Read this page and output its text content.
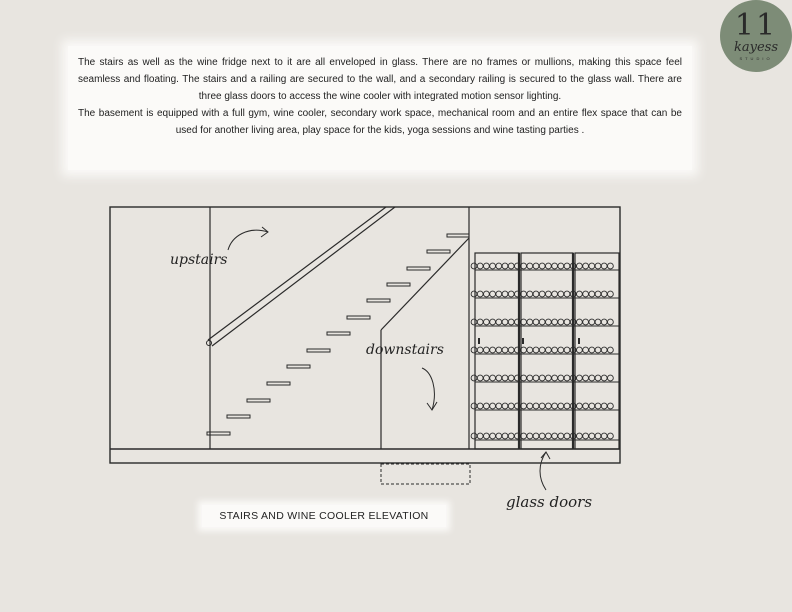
11
kayess
STUDIO

The stairs as well as the wine fridge next to it are all enveloped in glass. There are no frames or mullions, making this space feel seamless and floating. The stairs and a railing are secured to the wall, and a secondary railing is secured to the glass wall. There are three glass doors to access the wine cooler with integrated motion sensor lighting.

The basement is equipped with a full gym, wine cooler, secondary work space, mechanical room and an entire flex space that can be used for another living area, play space for the kids, yoga sessions and wine tasting parties .

upstairs
downstairs
glass doors
STAIRS AND WINE COOLER ELEVATION
